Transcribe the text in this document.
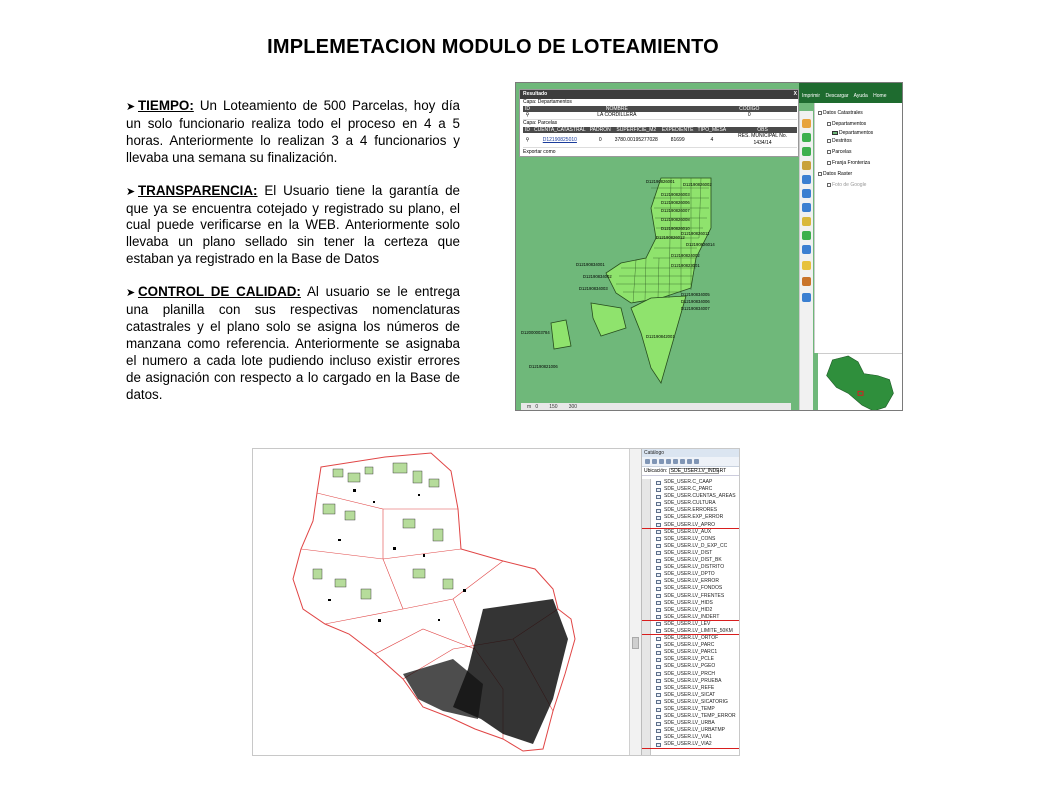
IMPLEMETACION MODULO DE LOTEAMIENTO

➤ TIEMPO: Un Loteamiento de 500 Parcelas, hoy día un solo funcionario realiza todo el proceso en 4 a 5 horas. Anteriormente lo realizan 3 a 4 funcionarios y llevaba una semana su finalización.

➤ TRANSPARENCIA: El Usuario tiene la garantía de que ya se encuentra cotejado y registrado su plano, el cual puede verificarse en la WEB. Anteriormente solo llevaba un plano sellado sin tener la certeza que estaban ya registrado en la Base de Datos

➤ CONTROL DE CALIDAD: Al usuario se le entrega una planilla con sus respectivas nomenclaturas catastrales y el plano solo se asigna los números de manzana como referencia. Anteriormente se asignaba el numero a cada lote pudiendo incluso existir errores de asignación con respecto a lo cargado en la Base de datos.

Resultado	X
Capa: Departamentos
ID	NOMBRE	CODIGO
⚲	LA CORDILLERA	0
Capa: Parcelas
ID	CUENTA_CATASTRAL	PADRON	SUPERFICIE_M2	EXPEDIENTE	TIPO_MESA	OBS
⚲	D12190825010	0	3780.00195277028	81699	4	RES. MUNICIPAL No. 1434/14
Exportar como
D12190826001
D12190826002
D12190826003
D12190826006
D12190826007
D12190826008
D12190826010
D12190826011
D12190826012
D12190826014
D12190834001
D12190834002
D12190834003
D12190834005
D12190834006
D12190834007
D12190842001
D12000003784
D12190821006
D12190824002
D12190823001
m 0 150 300
Imprimir Descargar Ayuda Home
Datos Catastrales
Departamentos
Departamentos
Destritos
Parcelas
Franja Fronteriza
Datos Raster
Foto de Google
Catálogo
Ubicación: SDE_USER.LV_INDERT
SDE_USER.C_CAAP
SDE_USER.C_PARC
SDE_USER.CUENTAS_AREAS
SDE_USER.CULTURA
SDE_USER.ERRORES
SDE_USER.EXP_ERROR
SDE_USER.LV_APRO
SDE_USER.LV_AUX
SDE_USER.LV_CONS
SDE_USER.LV_D_EXP_CC
SDE_USER.LV_DIST
SDE_USER.LV_DIST_BK
SDE_USER.LV_DISTRITO
SDE_USER.LV_DPTO
SDE_USER.LV_ERROR
SDE_USER.LV_FONDOS
SDE_USER.LV_FRENTES
SDE_USER.LV_HIDS
SDE_USER.LV_HID2
SDE_USER.LV_INDERT
SDE_USER.LV_LEV
SDE_USER.LV_LIMITE_50KM
SDE_USER.LV_ORTOF
SDE_USER.LV_PARC
SDE_USER.LV_PARC1
SDE_USER.LV_PCLE
SDE_USER.LV_PGEO
SDE_USER.LV_PRCH
SDE_USER.LV_PRUEBA
SDE_USER.LV_REFE
SDE_USER.LV_SICAT
SDE_USER.LV_SICATORIG
SDE_USER.LV_TEMP
SDE_USER.LV_TEMP_ERROR
SDE_USER.LV_URBA
SDE_USER.LV_URBATMP
SDE_USER.LV_VIA1
SDE_USER.LV_VIA2
